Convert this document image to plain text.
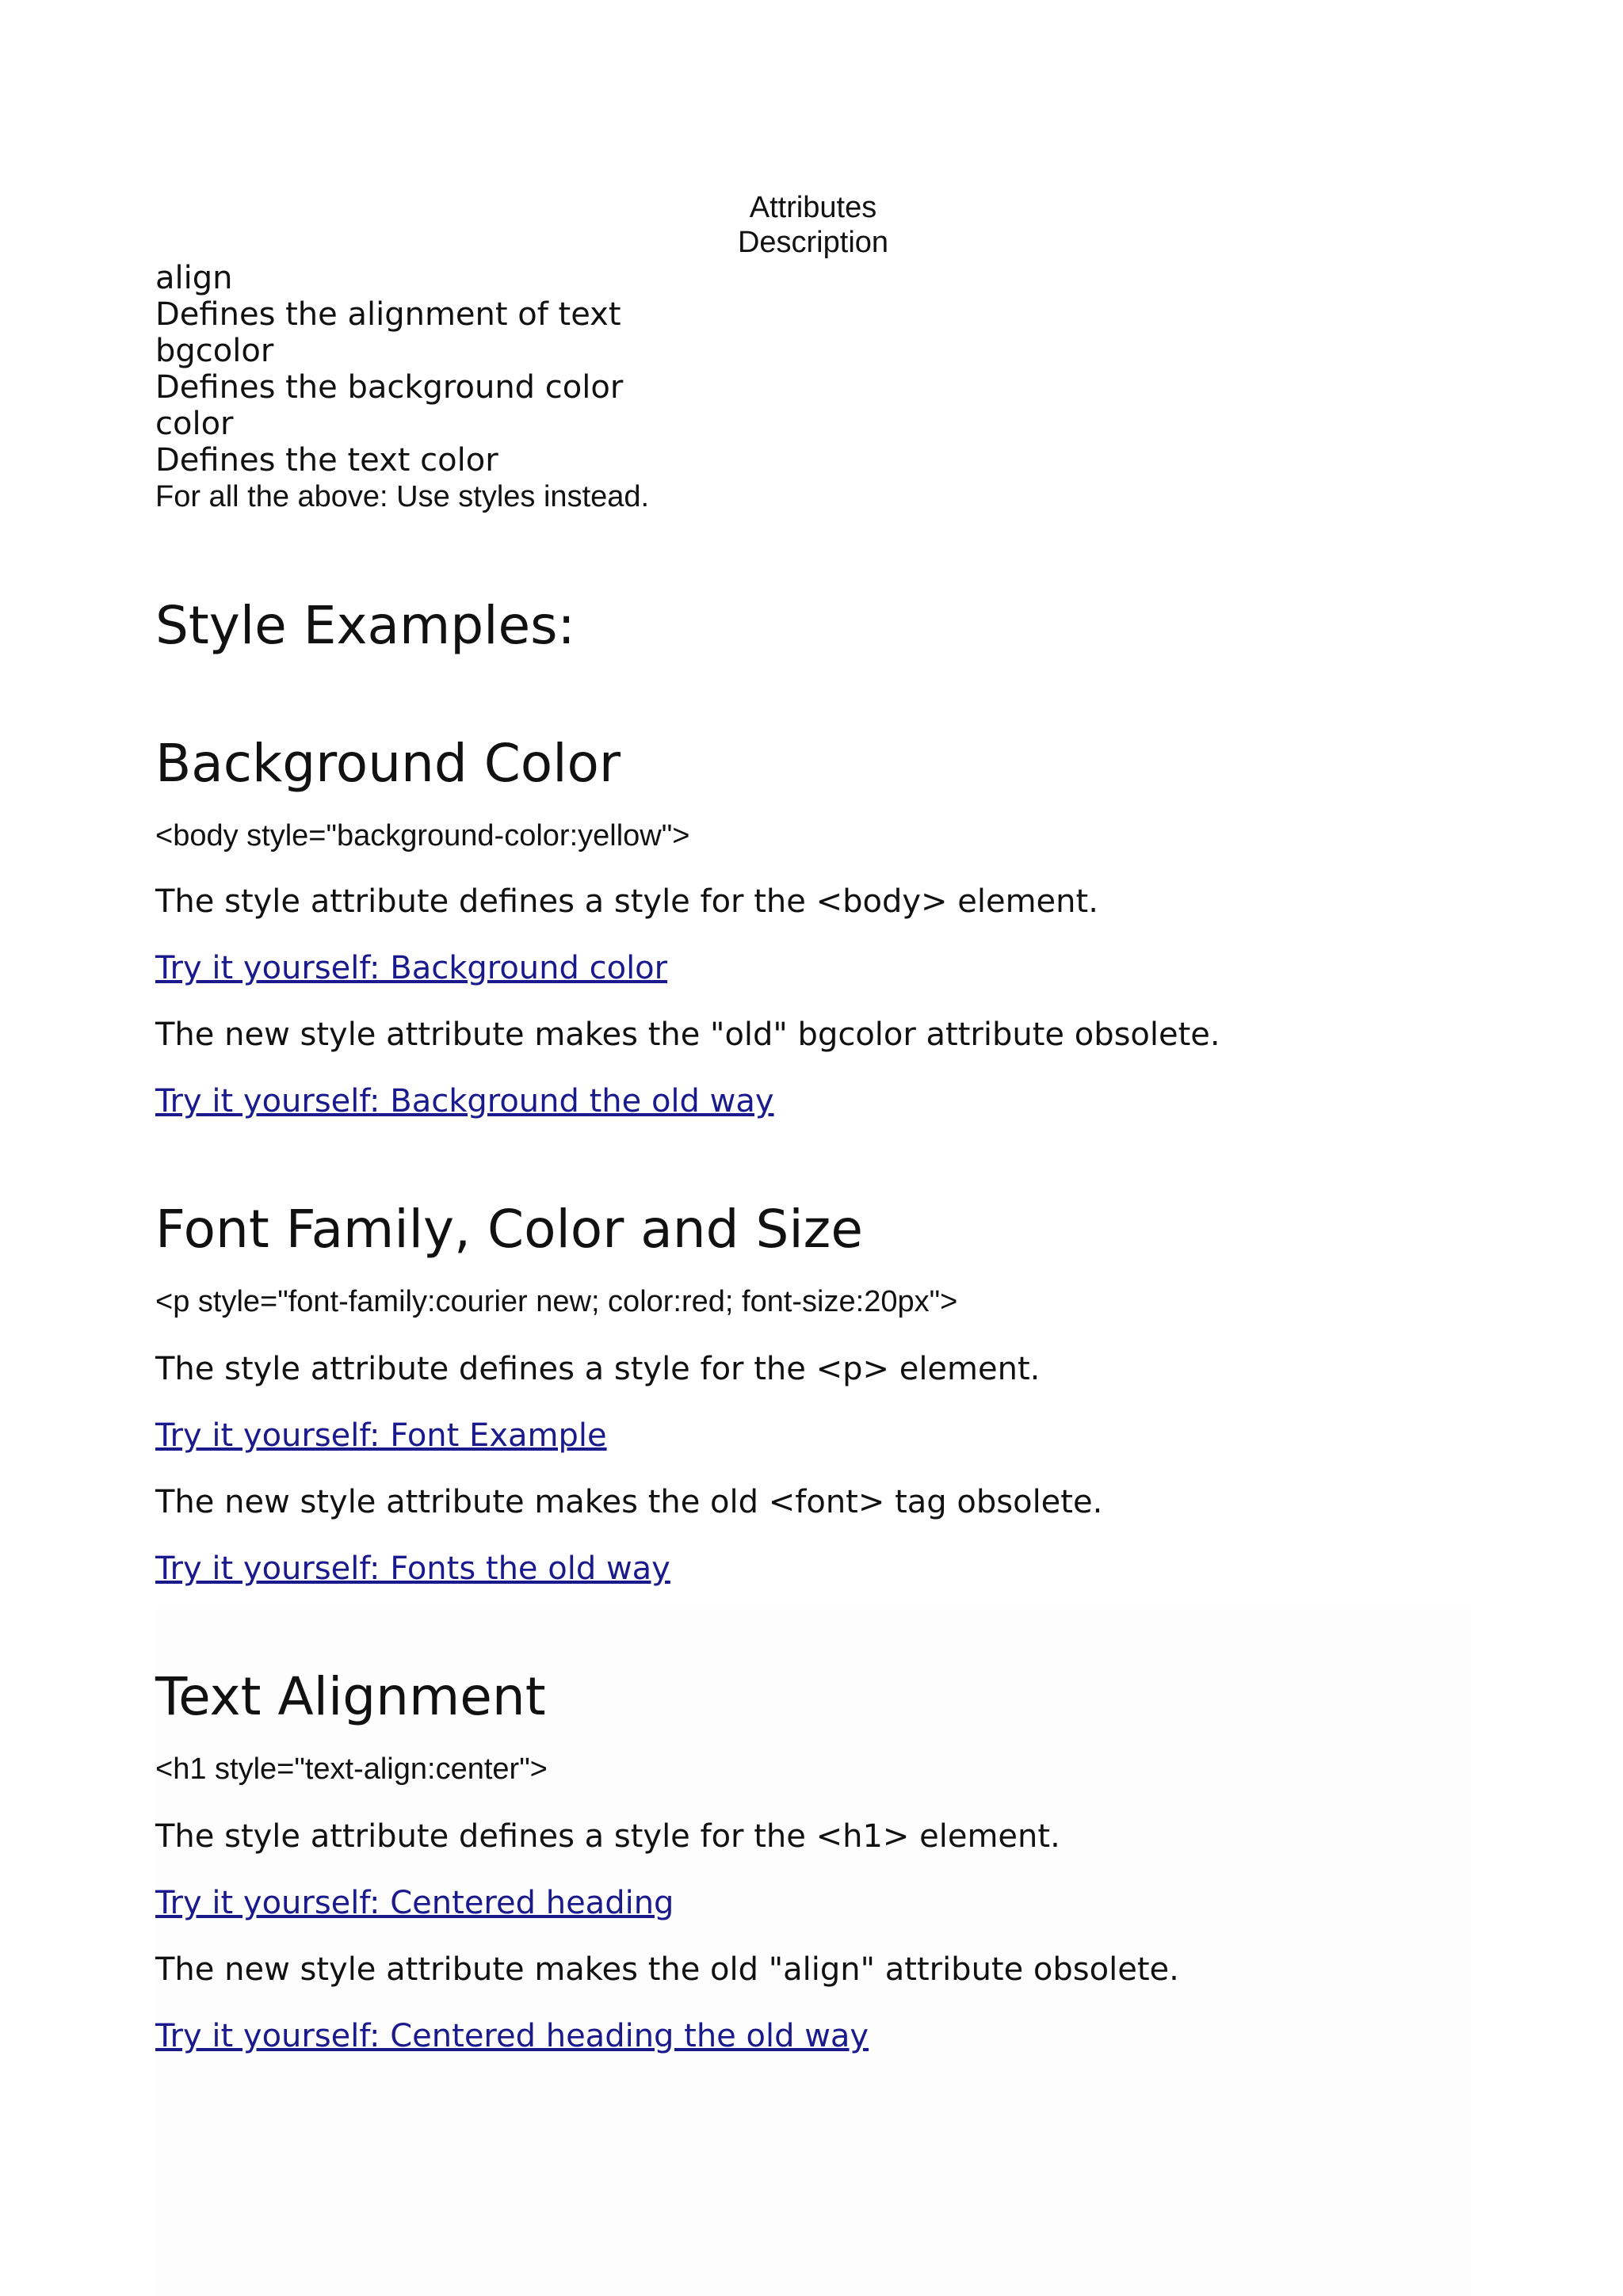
Attributes
Description
align
Defines the alignment of text
bgcolor
Defines the background color
color
Defines the text color
For all the above: Use styles instead.
Style Examples:
Background Color
<body style="background-color:yellow">
The style attribute defines a style for the <body> element.
Try it yourself: Background color
The new style attribute makes the "old" bgcolor attribute obsolete.
Try it yourself: Background the old way
Font Family, Color and Size
<p style="font-family:courier new; color:red; font-size:20px">
The style attribute defines a style for the <p> element.
Try it yourself: Font Example
The new style attribute makes the old <font> tag obsolete.
Try it yourself: Fonts the old way
Text Alignment
<h1 style="text-align:center">
The style attribute defines a style for the <h1> element.
Try it yourself: Centered heading
The new style attribute makes the old "align" attribute obsolete.
Try it yourself: Centered heading the old way
